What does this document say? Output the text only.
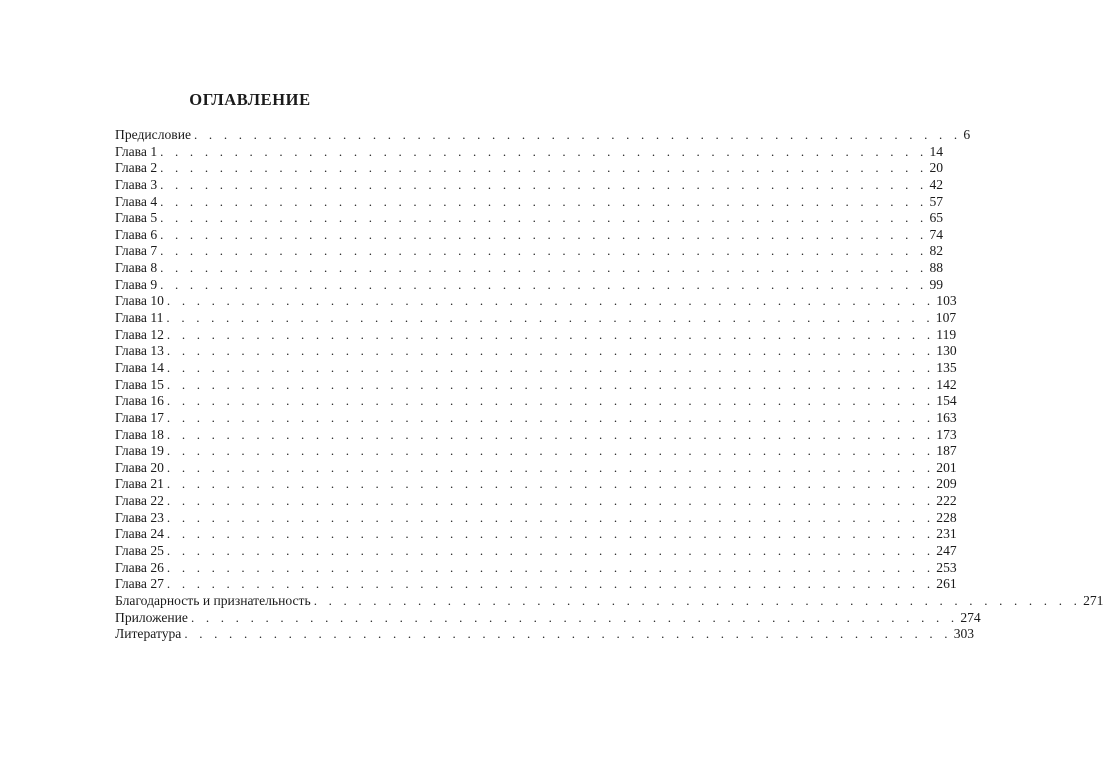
ОГЛАВЛЕНИЕ
Предисловие . . . . . . . . . . . . . . . . . . . . . . . . . . . . . . . . . . . . . . . . . . . . . . . . . . . . 6
Глава 1 . . . . . . . . . . . . . . . . . . . . . . . . . . . . . . . . . . . . . . . . . . . . . . . . . . . . 14
Глава 2 . . . . . . . . . . . . . . . . . . . . . . . . . . . . . . . . . . . . . . . . . . . . . . . . . . . . 20
Глава 3 . . . . . . . . . . . . . . . . . . . . . . . . . . . . . . . . . . . . . . . . . . . . . . . . . . . . 42
Глава 4 . . . . . . . . . . . . . . . . . . . . . . . . . . . . . . . . . . . . . . . . . . . . . . . . . . . . 57
Глава 5 . . . . . . . . . . . . . . . . . . . . . . . . . . . . . . . . . . . . . . . . . . . . . . . . . . . . 65
Глава 6 . . . . . . . . . . . . . . . . . . . . . . . . . . . . . . . . . . . . . . . . . . . . . . . . . . . . 74
Глава 7 . . . . . . . . . . . . . . . . . . . . . . . . . . . . . . . . . . . . . . . . . . . . . . . . . . . . 82
Глава 8 . . . . . . . . . . . . . . . . . . . . . . . . . . . . . . . . . . . . . . . . . . . . . . . . . . . . 88
Глава 9 . . . . . . . . . . . . . . . . . . . . . . . . . . . . . . . . . . . . . . . . . . . . . . . . . . . . 99
Глава 10 . . . . . . . . . . . . . . . . . . . . . . . . . . . . . . . . . . . . . . . . . . . . . . . . . . . . 103
Глава 11 . . . . . . . . . . . . . . . . . . . . . . . . . . . . . . . . . . . . . . . . . . . . . . . . . . . . 107
Глава 12 . . . . . . . . . . . . . . . . . . . . . . . . . . . . . . . . . . . . . . . . . . . . . . . . . . . . 119
Глава 13 . . . . . . . . . . . . . . . . . . . . . . . . . . . . . . . . . . . . . . . . . . . . . . . . . . . . 130
Глава 14 . . . . . . . . . . . . . . . . . . . . . . . . . . . . . . . . . . . . . . . . . . . . . . . . . . . . 135
Глава 15 . . . . . . . . . . . . . . . . . . . . . . . . . . . . . . . . . . . . . . . . . . . . . . . . . . . . 142
Глава 16 . . . . . . . . . . . . . . . . . . . . . . . . . . . . . . . . . . . . . . . . . . . . . . . . . . . . 154
Глава 17 . . . . . . . . . . . . . . . . . . . . . . . . . . . . . . . . . . . . . . . . . . . . . . . . . . . . 163
Глава 18 . . . . . . . . . . . . . . . . . . . . . . . . . . . . . . . . . . . . . . . . . . . . . . . . . . . . 173
Глава 19 . . . . . . . . . . . . . . . . . . . . . . . . . . . . . . . . . . . . . . . . . . . . . . . . . . . . 187
Глава 20 . . . . . . . . . . . . . . . . . . . . . . . . . . . . . . . . . . . . . . . . . . . . . . . . . . . . 201
Глава 21 . . . . . . . . . . . . . . . . . . . . . . . . . . . . . . . . . . . . . . . . . . . . . . . . . . . . 209
Глава 22 . . . . . . . . . . . . . . . . . . . . . . . . . . . . . . . . . . . . . . . . . . . . . . . . . . . . 222
Глава 23 . . . . . . . . . . . . . . . . . . . . . . . . . . . . . . . . . . . . . . . . . . . . . . . . . . . . 228
Глава 24 . . . . . . . . . . . . . . . . . . . . . . . . . . . . . . . . . . . . . . . . . . . . . . . . . . . . 231
Глава 25 . . . . . . . . . . . . . . . . . . . . . . . . . . . . . . . . . . . . . . . . . . . . . . . . . . . . 247
Глава 26 . . . . . . . . . . . . . . . . . . . . . . . . . . . . . . . . . . . . . . . . . . . . . . . . . . . . 253
Глава 27 . . . . . . . . . . . . . . . . . . . . . . . . . . . . . . . . . . . . . . . . . . . . . . . . . . . . 261
Благодарность и признательность . . . . . . . . . . . . . . . . . . . . . . . . . . . . . . . . . . . . . . . . . . . . . . . . . . . . 271
Приложение . . . . . . . . . . . . . . . . . . . . . . . . . . . . . . . . . . . . . . . . . . . . . . . . . . . . 274
Литература . . . . . . . . . . . . . . . . . . . . . . . . . . . . . . . . . . . . . . . . . . . . . . . . . . . . 303
